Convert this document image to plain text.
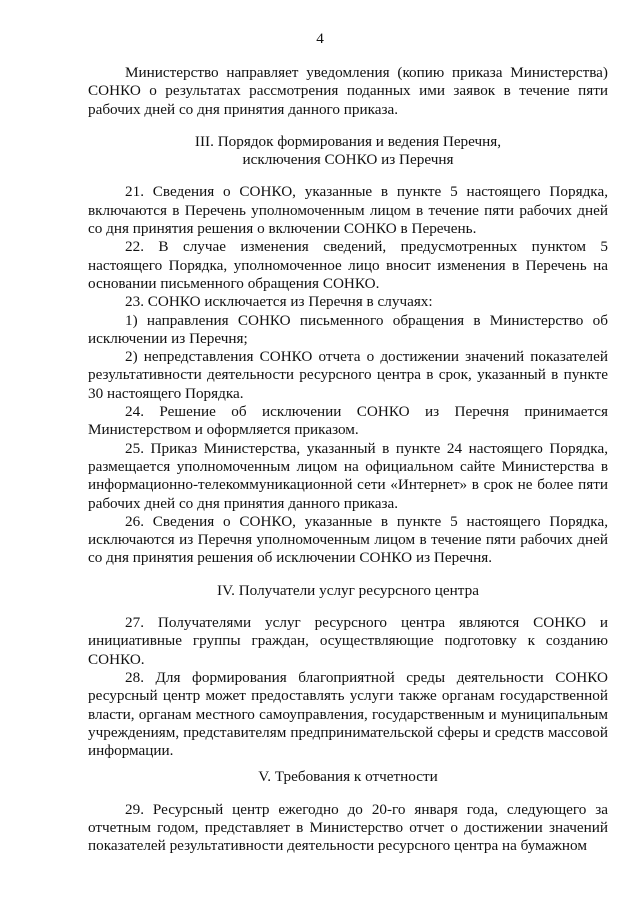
4

Министерство направляет уведомления (копию приказа Министерства) СОНКО о результатах рассмотрения поданных ими заявок в течение пяти рабочих дней со дня принятия данного приказа.

III. Порядок формирования и ведения Перечня,

исключения СОНКО из Перечня

21. Сведения о СОНКО, указанные в пункте 5 настоящего Порядка, включаются в Перечень уполномоченным лицом в течение пяти рабочих дней со дня принятия решения о включении СОНКО в Перечень.

22. В случае изменения сведений, предусмотренных пунктом 5 настоящего Порядка, уполномоченное лицо вносит изменения в Перечень на основании письменного обращения СОНКО.

23. СОНКО исключается из Перечня в случаях:

1) направления СОНКО письменного обращения в Министерство об исключении из Перечня;

2) непредставления СОНКО отчета о достижении значений показателей результативности деятельности ресурсного центра в срок, указанный в пункте 30 настоящего Порядка.

24. Решение об исключении СОНКО из Перечня принимается Министерством и оформляется приказом.

25. Приказ Министерства, указанный в пункте 24 настоящего Порядка, размещается уполномоченным лицом на официальном сайте Министерства в информационно-телекоммуникационной сети «Интернет» в срок не более пяти рабочих дней со дня принятия данного приказа.

26. Сведения о СОНКО, указанные в пункте 5 настоящего Порядка, исключаются из Перечня уполномоченным лицом в течение пяти рабочих дней со дня принятия решения об исключении СОНКО из Перечня.

IV. Получатели услуг ресурсного центра

27. Получателями услуг ресурсного центра являются СОНКО и инициативные группы граждан, осуществляющие подготовку к созданию СОНКО.

28. Для формирования благоприятной среды деятельности СОНКО ресурсный центр может предоставлять услуги также органам государственной власти, органам местного самоуправления, государственным и муниципальным учреждениям, представителям предпринимательской сферы и средств массовой информации.

V. Требования к отчетности

29. Ресурсный центр ежегодно до 20-го января года, следующего за отчетным годом, представляет в Министерство отчет о достижении значений показателей результативности деятельности ресурсного центра на бумажном
